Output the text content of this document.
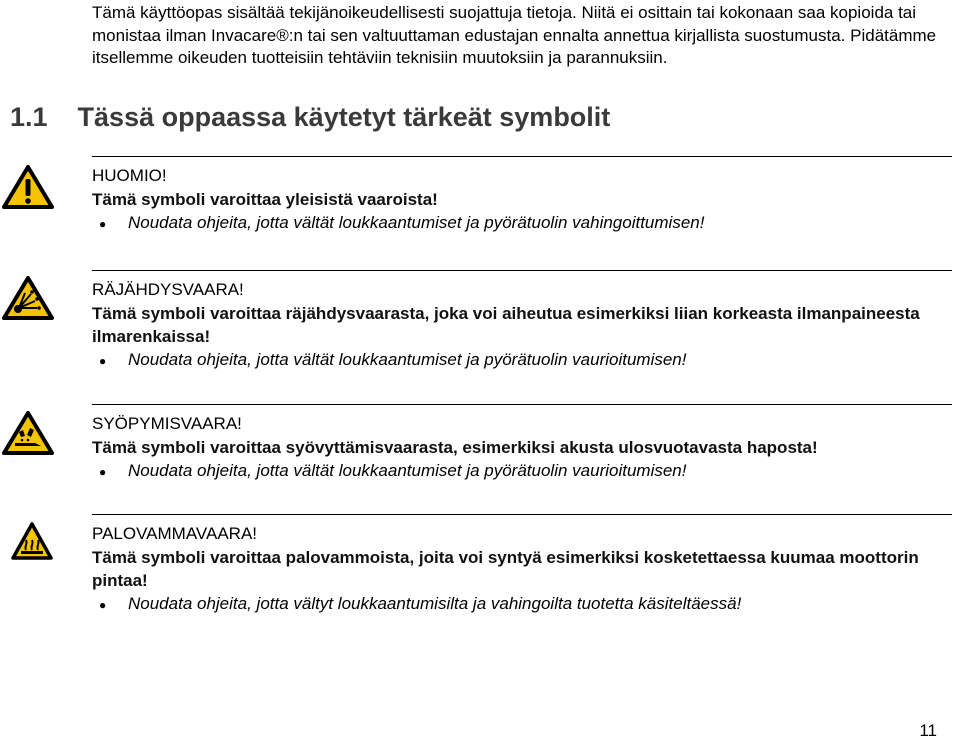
Tämä käyttöopas sisältää tekijänoikeudellisesti suojattuja tietoja. Niitä ei osittain tai kokonaan saa kopioida tai monistaa ilman Invacare®:n tai sen valtuuttaman edustajan ennalta annettua kirjallista suostumusta. Pidätämme itsellemme oikeuden tuotteisiin tehtäviin teknisiin muutoksiin ja parannuksiin.

1.1 Tässä oppaassa käytetyt tärkeät symbolit
HUOMIO!
Tämä symboli varoittaa yleisistä vaaroista!
●	Noudata ohjeita, jotta vältät loukkaantumiset ja pyörätuolin vahingoittumisen!
RÄJÄHDYSVAARA!
Tämä symboli varoittaa räjähdysvaarasta, joka voi aiheutua esimerkiksi liian korkeasta ilmanpaineesta ilmarenkaissa!
●	Noudata ohjeita, jotta vältät loukkaantumiset ja pyörätuolin vaurioitumisen!
SYÖPYMISVAARA!
Tämä symboli varoittaa syövyttämisvaarasta, esimerkiksi akusta ulosvuotavasta haposta!
●	Noudata ohjeita, jotta vältät loukkaantumiset ja pyörätuolin vaurioitumisen!
PALOVAMMAVAARA!
Tämä symboli varoittaa palovammoista, joita voi syntyä esimerkiksi kosketettaessa kuumaa moottorin pintaa!
●	Noudata ohjeita, jotta vältyt loukkaantumisilta ja vahingoilta tuotetta käsiteltäessä!
11
